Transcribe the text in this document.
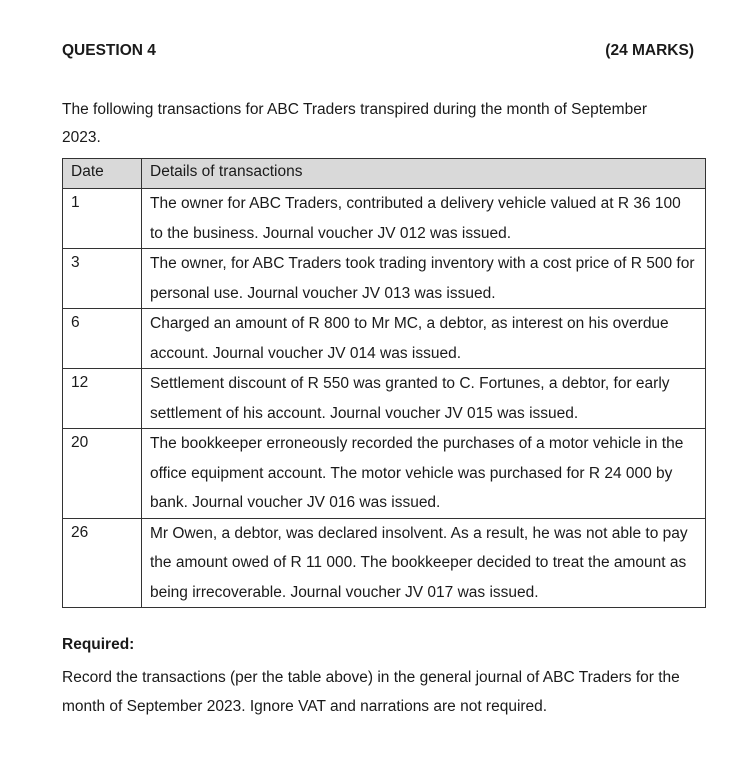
QUESTION 4	(24 MARKS)
The following transactions for ABC Traders transpired during the month of September 2023.
Date	Details of transactions
1	The owner for ABC Traders, contributed a delivery vehicle valued at R 36 100 to the business. Journal voucher JV 012 was issued.
3	The owner, for ABC Traders took trading inventory with a cost price of R 500 for personal use. Journal voucher JV 013 was issued.
6	Charged an amount of R 800 to Mr MC, a debtor, as interest on his overdue account. Journal voucher JV 014 was issued.
12	Settlement discount of R 550 was granted to C. Fortunes, a debtor, for early settlement of his account. Journal voucher JV 015 was issued.
20	The bookkeeper erroneously recorded the purchases of a motor vehicle in the office equipment account. The motor vehicle was purchased for R 24 000 by bank. Journal voucher JV 016 was issued.
26	Mr Owen, a debtor, was declared insolvent. As a result, he was not able to pay the amount owed of R 11 000. The bookkeeper decided to treat the amount as being irrecoverable. Journal voucher JV 017 was issued.
Required:
Record the transactions (per the table above) in the general journal of ABC Traders for the month of September 2023. Ignore VAT and narrations are not required.
